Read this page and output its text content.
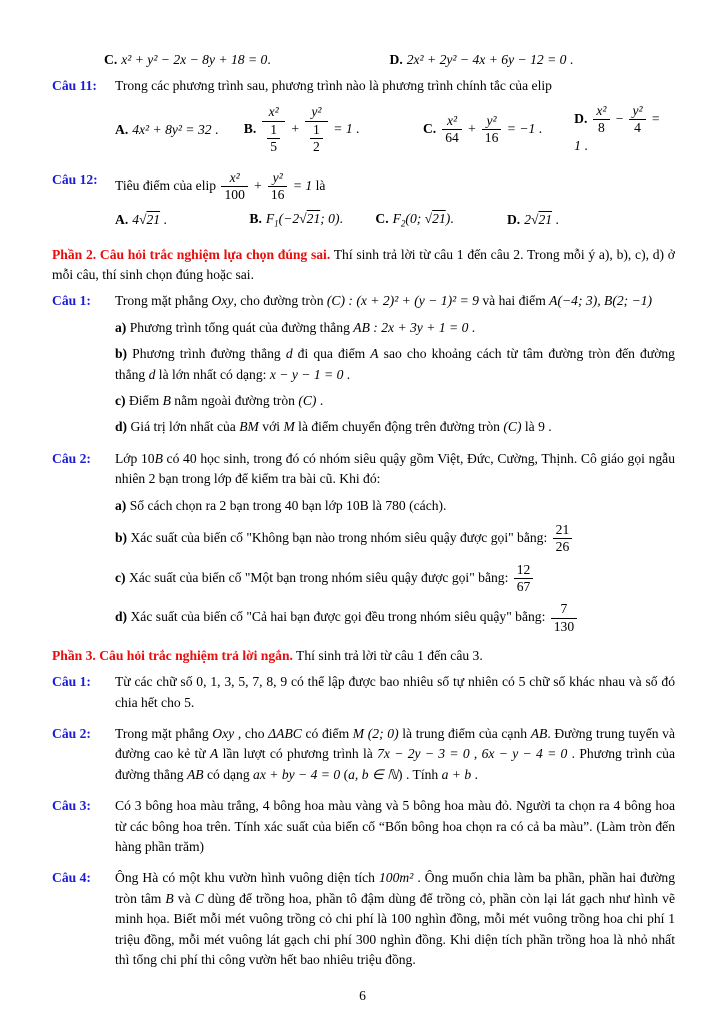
C. x² + y² − 2x − 8y + 18 = 0.	D. 2x² + 2y² − 4x + 6y − 12 = 0 .
Câu 11:	Trong các phương trình sau, phương trình nào là phương trình chính tắc của elip

A. 4x² + 8y² = 32 .	B. $\frac{\text{x²}}{\frac{1}{5}} + \frac{\text{y²}}{\frac{1}{2}} = 1$ .	C. $\frac{\text{x²}}{64} + \frac{\text{y²}}{16} = -1$ .
D. $\frac{\text{x²}}{8} - \frac{\text{y²}}{4} = 1$ .
Câu 12:	Tiêu điểm của elip $\frac{\text{x²}}{100} + \frac{\text{y²}}{16} = 1$ là

A. 4√21 .	B. $F_1(-2√21$; 0).	C. $F_2(0$; √21).	D. 2√21 .

Phần 2. Câu hỏi trắc nghiệm lựa chọn đúng sai. Thí sinh trả lời từ câu 1 đến câu 2. Trong mỗi ý a), b), c), d) ở mỗi câu, thí sinh chọn đúng hoặc sai.

Câu 1:	Trong mặt phẳng Oxy, cho đường tròn (C) : (x + 2)² + (y − 1)² = 9 và hai điểm A(−4; 3), B(2; −1)

a) Phương trình tổng quát của đường thẳng AB : 2x + 3y + 1 = 0 .

b) Phương trình đường thẳng d đi qua điểm A sao cho khoảng cách từ tâm đường tròn đến đường thẳng d là lớn nhất có dạng: x − y − 1 = 0 .

c) Điểm B nằm ngoài đường tròn (C) .

d) Giá trị lớn nhất của BM với M là điểm chuyển động trên đường tròn (C) là 9 .

Câu 2:	Lớp 10B có 40 học sinh, trong đó có nhóm siêu quậy gồm Việt, Đức, Cường, Thịnh. Cô giáo gọi ngẫu nhiên 2 bạn trong lớp để kiểm tra bài cũ. Khi đó:

a) Số cách chọn ra 2 bạn trong 40 bạn lớp 10B là 780 (cách).

b) Xác suất của biến cố "Không bạn nào trong nhóm siêu quậy được gọi" bằng: $\frac{21}{26}$

c) Xác suất của biến cố "Một bạn trong nhóm siêu quậy được gọi" bằng: $\frac{12}{67}$

d) Xác suất của biến cố "Cả hai bạn được gọi đều trong nhóm siêu quậy" bằng: $\frac{7}{130}$

Phần 3. Câu hỏi trắc nghiệm trả lời ngắn. Thí sinh trả lời từ câu 1 đến câu 3.

Câu 1:	Từ các chữ số 0, 1, 3, 5, 7, 8, 9 có thể lập được bao nhiêu số tự nhiên có 5 chữ số khác nhau và số đó chia hết cho 5.

Câu 2:	Trong mặt phẳng Oxy , cho ΔABC có điểm M (2; 0) là trung điểm của cạnh AB. Đường trung tuyến và đường cao kẻ từ A lần lượt có phương trình là 7x − 2y − 3 = 0 , 6x − y − 4 = 0 . Phương trình của đường thẳng AB có dạng ax + by − 4 = 0 (a, b ∈ ℕ) . Tính a + b .

Câu 3:	Có 3 bông hoa màu trắng, 4 bông hoa màu vàng và 5 bông hoa màu đỏ. Người ta chọn ra 4 bông hoa từ các bông hoa trên. Tính xác suất của biến cố “Bốn bông hoa chọn ra có cả ba màu”. (Làm tròn đến hàng phần trăm)

Câu 4:	Ông Hà có một khu vườn hình vuông diện tích 100m² . Ông muốn chia làm ba phần, phần hai đường tròn tâm B và C dùng để trồng hoa, phần tô đậm dùng để trồng cỏ, phần còn lại lát gạch như hình vẽ minh họa. Biết mỗi mét vuông trồng cỏ chi phí là 100 nghìn đồng, mỗi mét vuông trồng hoa chi phí 1 triệu đồng, mỗi mét vuông lát gạch chi phí 300 nghìn đồng. Khi diện tích phần trồng hoa là nhỏ nhất thì tổng chi phí thi công vườn hết bao nhiêu triệu đồng.

6
